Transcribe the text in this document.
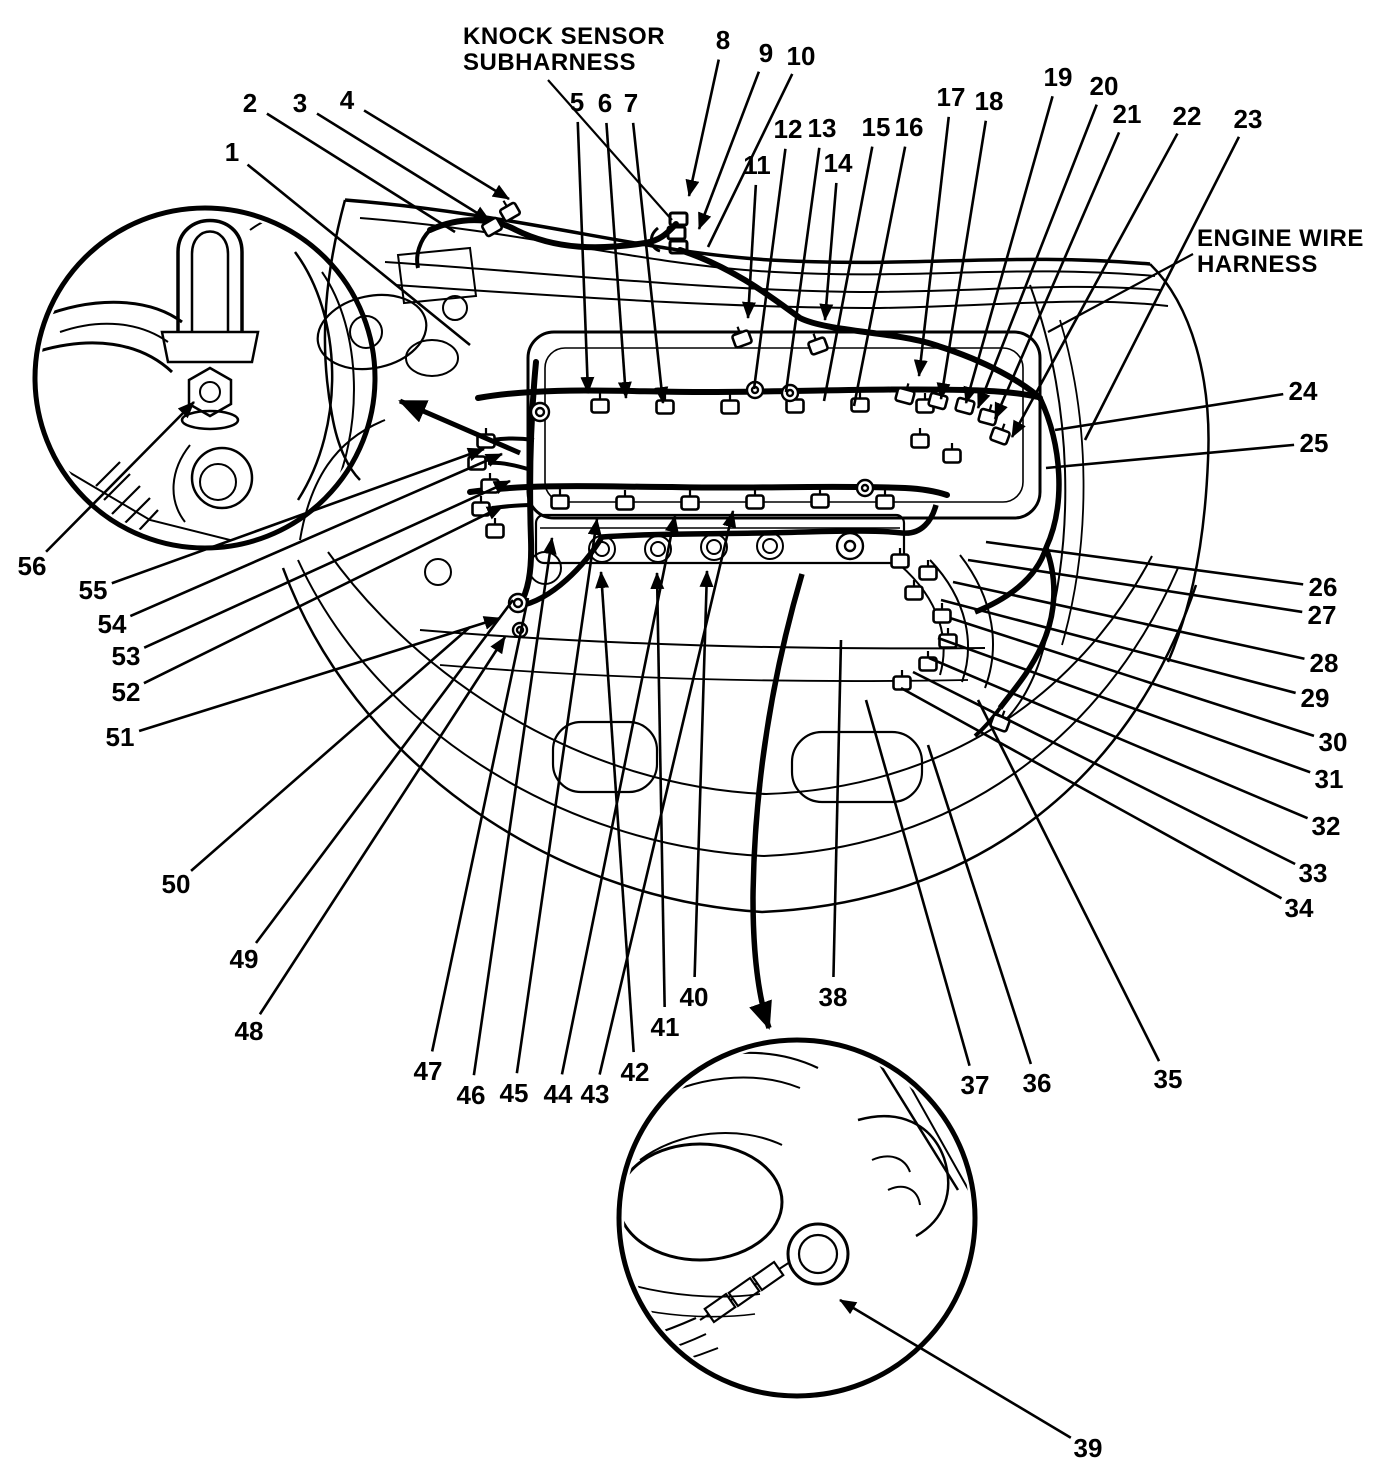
KNOCK SENSOR SUBHARNESS
ENGINE WIRE HARNESS
1
2 3 4	5 6 7
8 9 10
11
12 13
14
15 16
17 18
19 20
21 22 23
24
25
26
27
28
29
30
31
32
33
34
35
36
37
38
39
40
41
42
43
44
45
46
47
48
49
50
51
52
53
54
55
56
